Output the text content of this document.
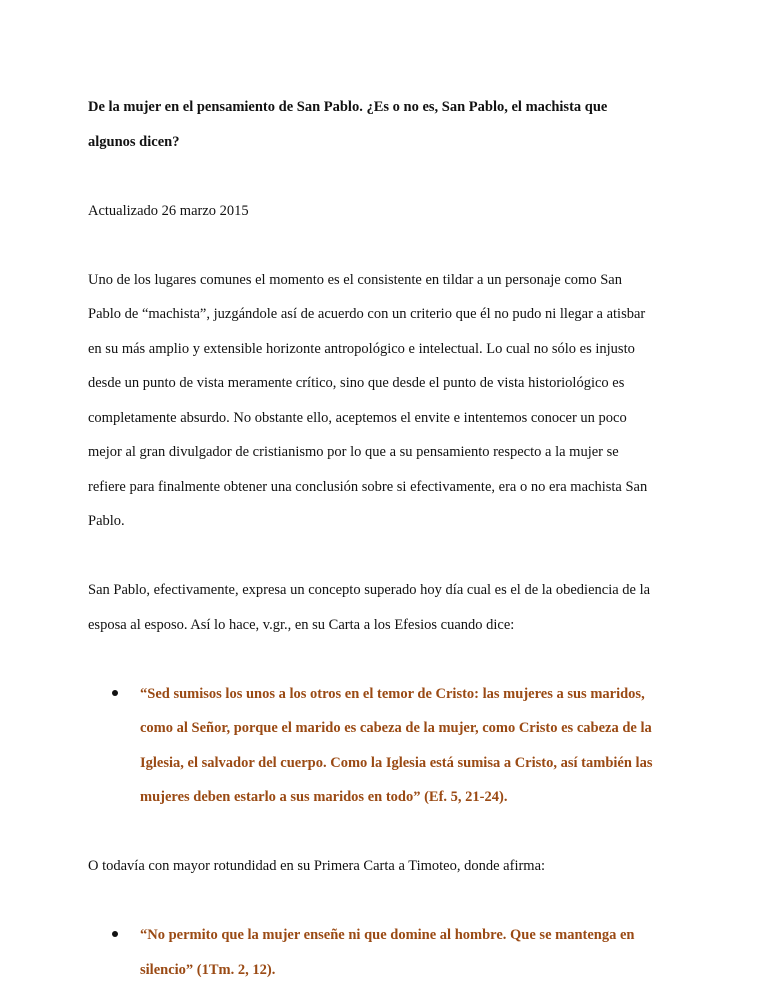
De la mujer en el pensamiento de San Pablo. ¿Es o no es, San Pablo, el machista que
algunos dicen?
Actualizado 26 marzo 2015
Uno de los lugares comunes el momento es el consistente en tildar a un personaje como San
Pablo de “machista”, juzgándole así de acuerdo con un criterio que él no pudo ni llegar a atisbar
en su más amplio y extensible horizonte antropológico e intelectual. Lo cual no sólo es injusto
desde un punto de vista meramente crítico, sino que desde el punto de vista historiológico es
completamente absurdo. No obstante ello, aceptemos el envite e intentemos conocer un poco
mejor al gran divulgador de cristianismo por lo que a su pensamiento respecto a la mujer se
refiere para finalmente obtener una conclusión sobre si efectivamente, era o no era machista San
Pablo.
San Pablo, efectivamente, expresa un concepto superado hoy día cual es el de la obediencia de la
esposa al esposo. Así lo hace, v.gr., en su Carta a los Efesios cuando dice:
“Sed sumisos los unos a los otros en el temor de Cristo: las mujeres a sus maridos,
como al Señor, porque el marido es cabeza de la mujer, como Cristo es cabeza de la
Iglesia, el salvador del cuerpo. Como la Iglesia está sumisa a Cristo, así también las
mujeres deben estarlo a sus maridos en todo” (Ef. 5, 21-24).
O todavía con mayor rotundidad en su Primera Carta a Timoteo, donde afirma:
“No permito que la mujer enseñe ni que domine al hombre. Que se mantenga en
silencio” (1Tm. 2, 12).
